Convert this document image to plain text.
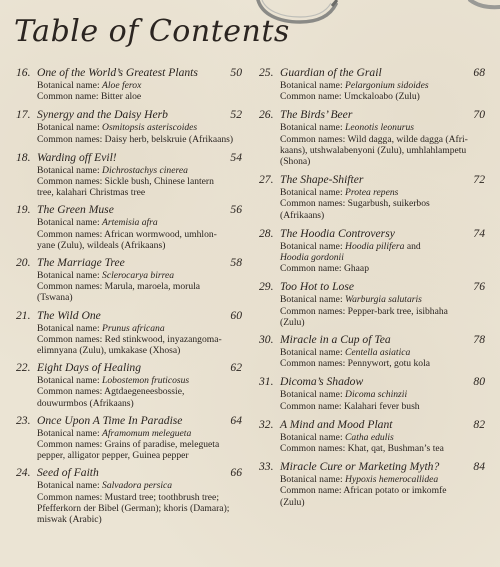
Table of Contents
16. One of the World’s Greatest Plants	50
Botanical name: Aloe ferox
Common name: Bitter aloe
17. Synergy and the Daisy Herb	52
Botanical name: Osmitopsis asteriscoides
Common names: Daisy herb, belskruie (Afrikaans)
18. Warding off Evil!	54
Botanical name: Dichrostachys cinerea
Common names: Sickle bush, Chinese lantern
tree, kalahari Christmas tree
19. The Green Muse	56
Botanical name: Artemisia afra
Common names: African wormwood, umhlon-
yane (Zulu), wildeals (Afrikaans)
20. The Marriage Tree	58
Botanical name: Sclerocarya birrea
Common names: Marula, maroela, morula
(Tswana)
21. The Wild One	60
Botanical name: Prunus africana
Common names: Red stinkwood, inyazangoma-
elimnyana (Zulu), umkakase (Xhosa)
22. Eight Days of Healing	62
Botanical name: Lobostemon fruticosus
Common names: Agtdaegeneesbossie,
douwurmbos (Afrikaans)
23. Once Upon A Time In Paradise	64
Botanical name: Aframomum melegueta
Common names: Grains of paradise, melegueta
pepper, alligator pepper, Guinea pepper
24. Seed of Faith	66
Botanical name: Salvadora persica
Common names: Mustard tree; toothbrush tree;
Pfefferkorn der Bibel (German); khoris (Damara);
miswak (Arabic)
25. Guardian of the Grail	68
Botanical name: Pelargonium sidoides
Common name: Umckaloabo (Zulu)
26. The Birds’ Beer	70
Botanical name: Leonotis leonurus
Common names: Wild dagga, wilde dagga (Afri-
kaans), utshwalabenyoni (Zulu), umhlahlampetu
(Shona)
27. The Shape-Shifter	72
Botanical name: Protea repens
Common names: Sugarbush, suikerbos
(Afrikaans)
28. The Hoodia Controversy	74
Botanical name: Hoodia pilifera and
Hoodia gordonii
Common name: Ghaap
29. Too Hot to Lose	76
Botanical name: Warburgia salutaris
Common names: Pepper-bark tree, isibhaha
(Zulu)
30. Miracle in a Cup of Tea	78
Botanical name: Centella asiatica
Common names: Pennywort, gotu kola
31. Dicoma’s Shadow	80
Botanical name: Dicoma schinzii
Common name: Kalahari fever bush
32. A Mind and Mood Plant	82
Botanical name: Catha edulis
Common names: Khat, qat, Bushman’s tea
33. Miracle Cure or Marketing Myth?	84
Botanical name: Hypoxis hemerocallidea
Common name: African potato or imkomfe
(Zulu)
